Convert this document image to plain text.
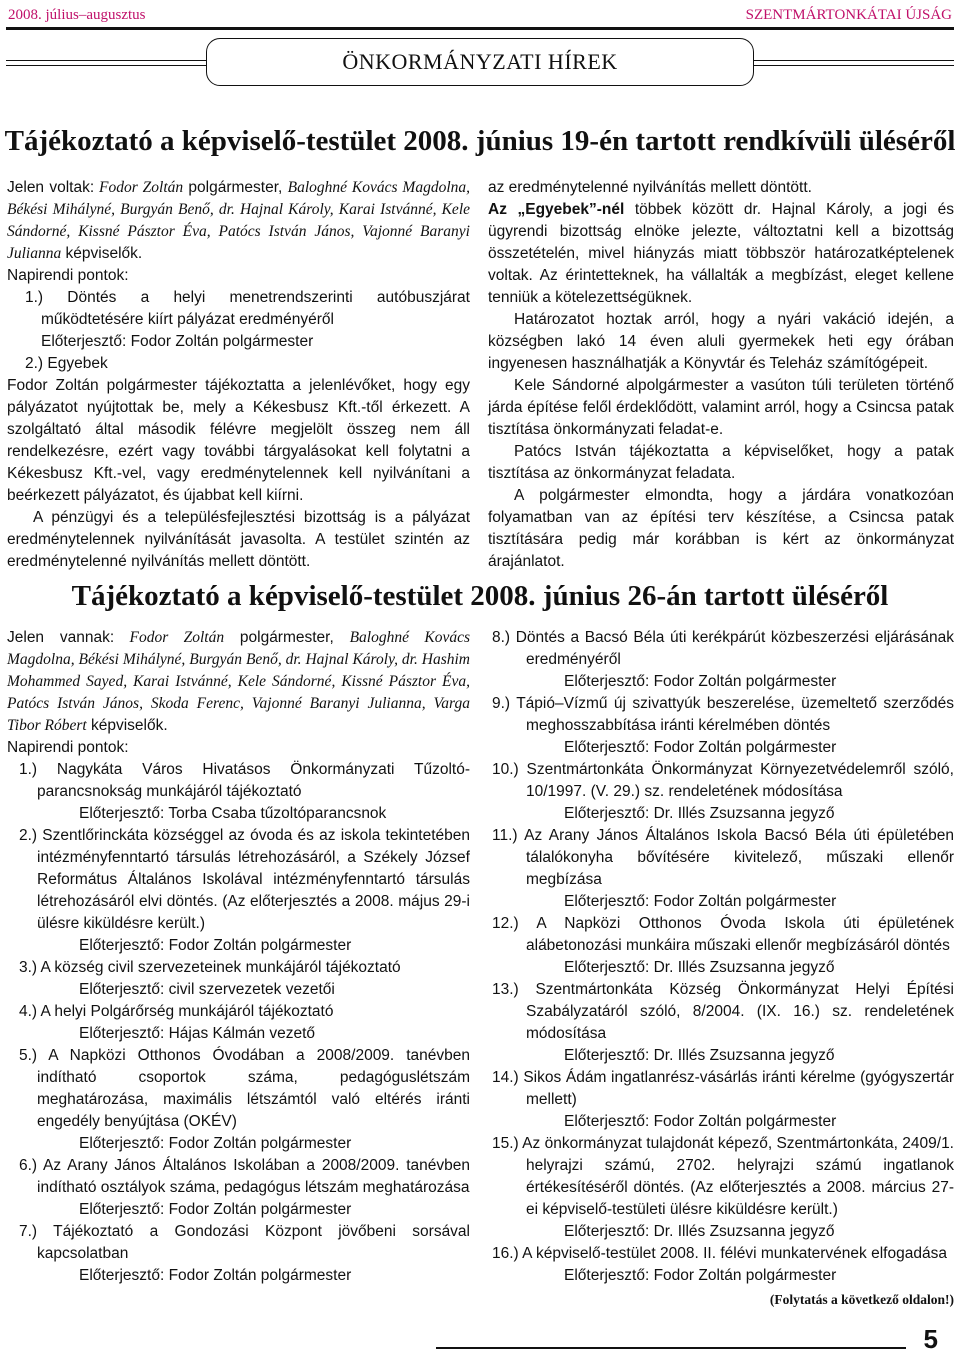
2008. július–augusztus	SZENTMÁRTONKÁTAI ÚJSÁG
ÖNKORMÁNYZATI HÍREK
Tájékoztató a képviselő-testület 2008. június 19-én tartott rendkívüli üléséről

Jelen voltak: Fodor Zoltán polgármester, Baloghné Kovács Magdolna, Békési Mihályné, Burgyán Benő, dr. Hajnal Károly, Karai Istvánné, Kele Sándorné, Kissné Pásztor Éva, Patócs István János, Vajonné Baranyi Julianna képviselők.

Napirendi pontok:

1.) Döntés a helyi menetrendszerinti autóbuszjárat működtetésére kiírt pályázat eredményéről

Előterjesztő: Fodor Zoltán polgármester

2.) Egyebek

Fodor Zoltán polgármester tájékoztatta a jelenlévőket, hogy egy pályázatot nyújtottak be, mely a Kékesbusz Kft.-től érkezett. A szolgáltató által második félévre megjelölt összeg nem áll rendelkezésre, ezért vagy további tárgyalásokat kell folytatni a Kékesbusz Kft.-vel, vagy eredménytelennek kell nyilvánítani a beérkezett pályázatot, és újabbat kell kiírni.

A pénzügyi és a településfejlesztési bizottság is a pályázat eredménytelennek nyilvánítását javasolta. A testület szintén az eredménytelenné nyilvánítás mellett döntött.

az eredménytelenné nyilvánítás mellett döntött.

Az „Egyebek”-nél többek között dr. Hajnal Károly, a jogi és ügyrendi bizottság elnöke jelezte, változtatni kell a bizottság összetételén, mivel hiányzás miatt többször határozatképtelenek voltak. Az érintetteknek, ha vállalták a megbízást, eleget kellene tenniük a kötelezettségüknek.

Határozatot hoztak arról, hogy a nyári vakáció idején, a községben lakó 14 éven aluli gyermekek heti egy órában ingyenesen használhatják a Könyvtár és Teleház számítógépeit.

Kele Sándorné alpolgármester a vasúton túli területen történő járda építése felől érdeklődött, valamint arról, hogy a Csincsa patak tisztítása önkormányzati feladat-e.

Patócs István tájékoztatta a képviselőket, hogy a patak tisztítása az önkormányzat feladata.

A polgármester elmondta, hogy a járdára vonatkozóan folyamatban van az építési terv készítése, a Csincsa patak tisztítására pedig már korábban is kért az önkormányzat árajánlatot.

Tájékoztató a képviselő-testület 2008. június 26-án tartott üléséről

Jelen vannak: Fodor Zoltán polgármester, Baloghné Kovács Magdolna, Békési Mihályné, Burgyán Benő, dr. Hajnal Károly, dr. Hashim Mohammed Sayed, Karai Istvánné, Kele Sándorné, Kissné Pásztor Éva, Patócs István János, Skoda Ferenc, Vajonné Baranyi Julianna, Varga Tibor Róbert képviselők.

Napirendi pontok:

1.) Nagykáta Város Hivatásos Önkormányzati Tűzoltó-parancsnokság munkájáról tájékoztató

Előterjesztő: Torba Csaba tűzoltóparancsnok

2.) Szentlőrinckáta községgel az óvoda és az iskola tekintetében intézményfenntartó társulás létrehozásáról, a Székely József Református Általános Iskolával intézményfenntartó társulás létrehozásáról elvi döntés. (Az előterjesztés a 2008. május 29-i ülésre kiküldésre került.)

Előterjesztő: Fodor Zoltán polgármester

3.) A község civil szervezeteinek munkájáról tájékoztató

Előterjesztő: civil szervezetek vezetői

4.) A helyi Polgárőrség munkájáról tájékoztató

Előterjesztő: Hájas Kálmán vezető

5.) A Napközi Otthonos Óvodában a 2008/2009. tanévben indítható csoportok száma, pedagóguslétszám meghatározása, maximális létszámtól való eltérés iránti engedély benyújtása (OKÉV)

Előterjesztő: Fodor Zoltán polgármester

6.) Az Arany János Általános Iskolában a 2008/2009. tanévben indítható osztályok száma, pedagógus létszám meghatározása

Előterjesztő: Fodor Zoltán polgármester

7.) Tájékoztató a Gondozási Központ jövőbeni sorsával kapcsolatban

Előterjesztő: Fodor Zoltán polgármester

8.) Döntés a Bacsó Béla úti kerékpárút közbeszerzési eljárásának eredményéről

Előterjesztő: Fodor Zoltán polgármester

9.) Tápió–Vízmű új szivattyúk beszerelése, üzemeltető szerződés meghosszabbítása iránti kérelmében döntés

Előterjesztő: Fodor Zoltán polgármester

10.) Szentmártonkáta Önkormányzat Környezetvédelemről szóló, 10/1997. (V. 29.) sz. rendeletének módosítása

Előterjesztő: Dr. Illés Zsuzsanna jegyző

11.) Az Arany János Általános Iskola Bacsó Béla úti épületében tálalókonyha bővítésére kivitelező, műszaki ellenőr megbízása

Előterjesztő: Fodor Zoltán polgármester

12.) A Napközi Otthonos Óvoda Iskola úti épületének alábetonozási munkáira műszaki ellenőr megbízásáról döntés

Előterjesztő: Dr. Illés Zsuzsanna jegyző

13.) Szentmártonkáta Község Önkormányzat Helyi Építési Szabályzatáról szóló, 8/2004. (IX. 16.) sz. rendeletének módosítása

Előterjesztő: Dr. Illés Zsuzsanna jegyző

14.) Sikos Ádám ingatlanrész-vásárlás iránti kérelme (gyógyszertár mellett)

Előterjesztő: Fodor Zoltán polgármester

15.) Az önkormányzat tulajdonát képező, Szentmártonkáta, 2409/1. helyrajzi számú, 2702. helyrajzi számú ingatlanok értékesítéséről döntés. (Az előterjesztés a 2008. március 27-ei képviselő-testületi ülésre kiküldésre került.)

Előterjesztő: Dr. Illés Zsuzsanna jegyző

16.) A képviselő-testület 2008. II. félévi munkatervének elfogadása

Előterjesztő: Fodor Zoltán polgármester

(Folytatás a következő oldalon!)
5
